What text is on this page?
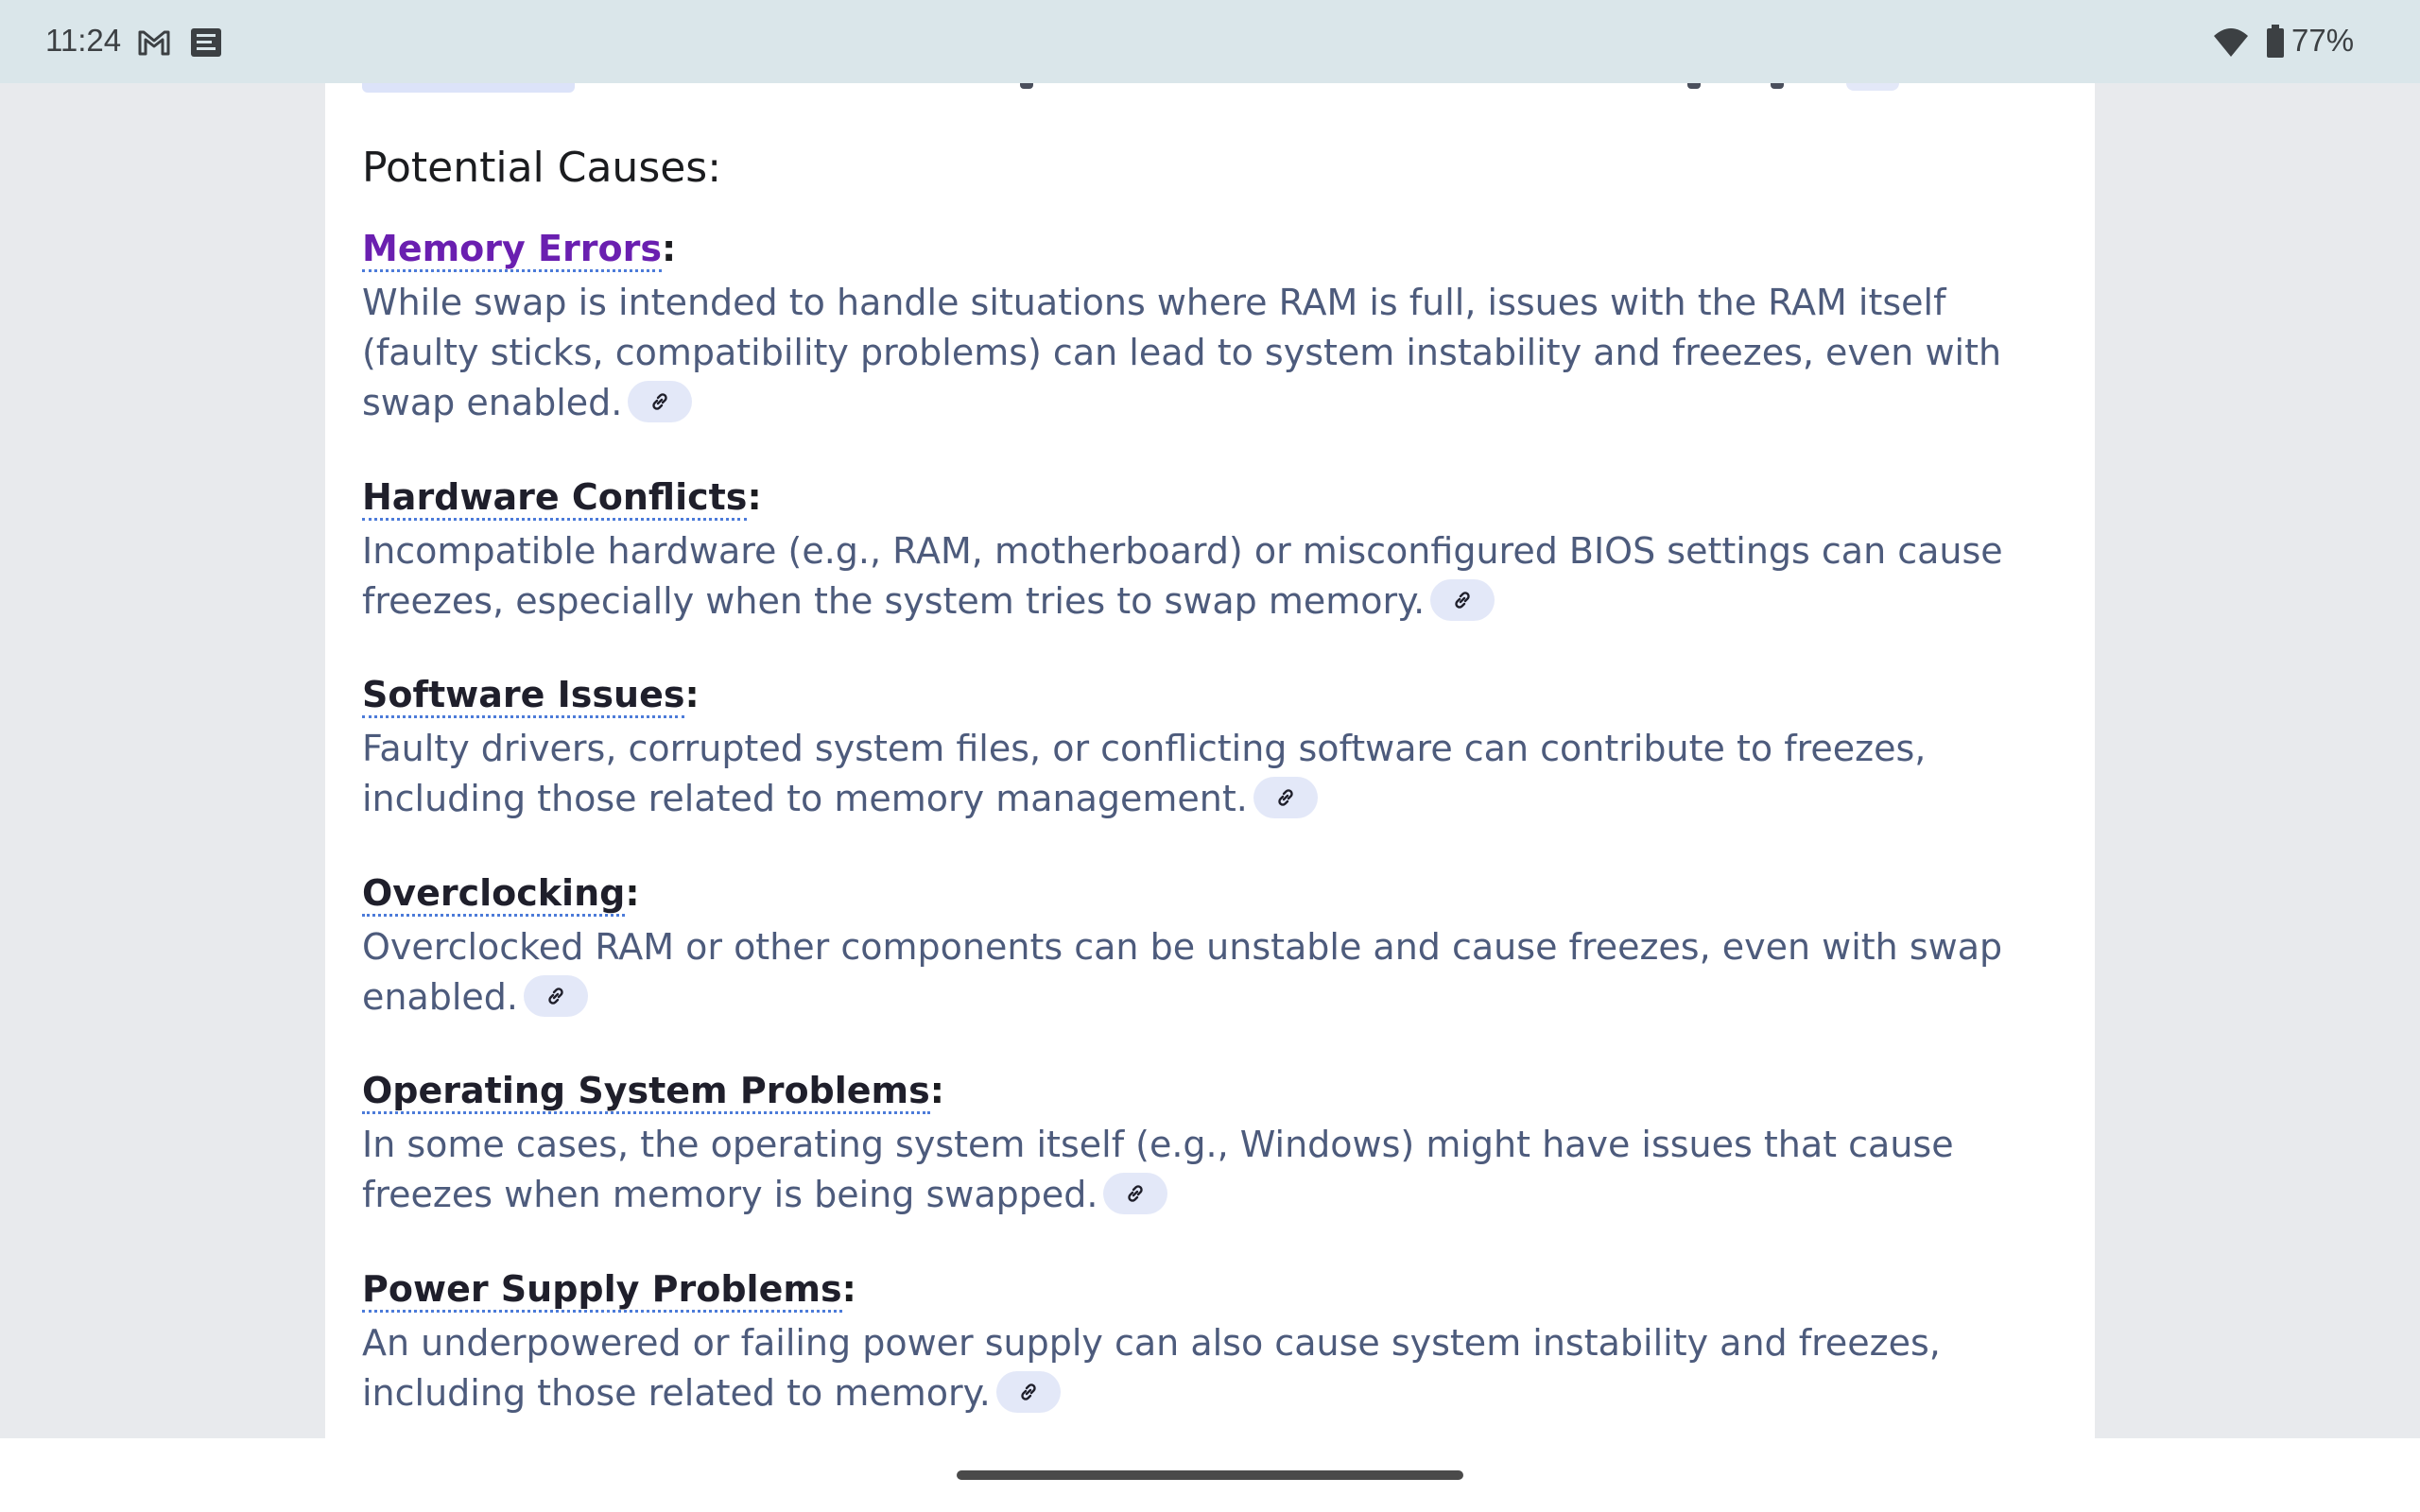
11:24	77%
Potential Causes:
Memory Errors:
While swap is intended to handle situations where RAM is full, issues with the RAM itself (faulty sticks, compatibility problems) can lead to system instability and freezes, even with swap enabled.
Hardware Conflicts:
Incompatible hardware (e.g., RAM, motherboard) or misconfigured BIOS settings can cause freezes, especially when the system tries to swap memory.
Software Issues:
Faulty drivers, corrupted system files, or conflicting software can contribute to freezes, including those related to memory management.
Overclocking:
Overclocked RAM or other components can be unstable and cause freezes, even with swap enabled.
Operating System Problems:
In some cases, the operating system itself (e.g., Windows) might have issues that cause freezes when memory is being swapped.
Power Supply Problems:
An underpowered or failing power supply can also cause system instability and freezes, including those related to memory.
